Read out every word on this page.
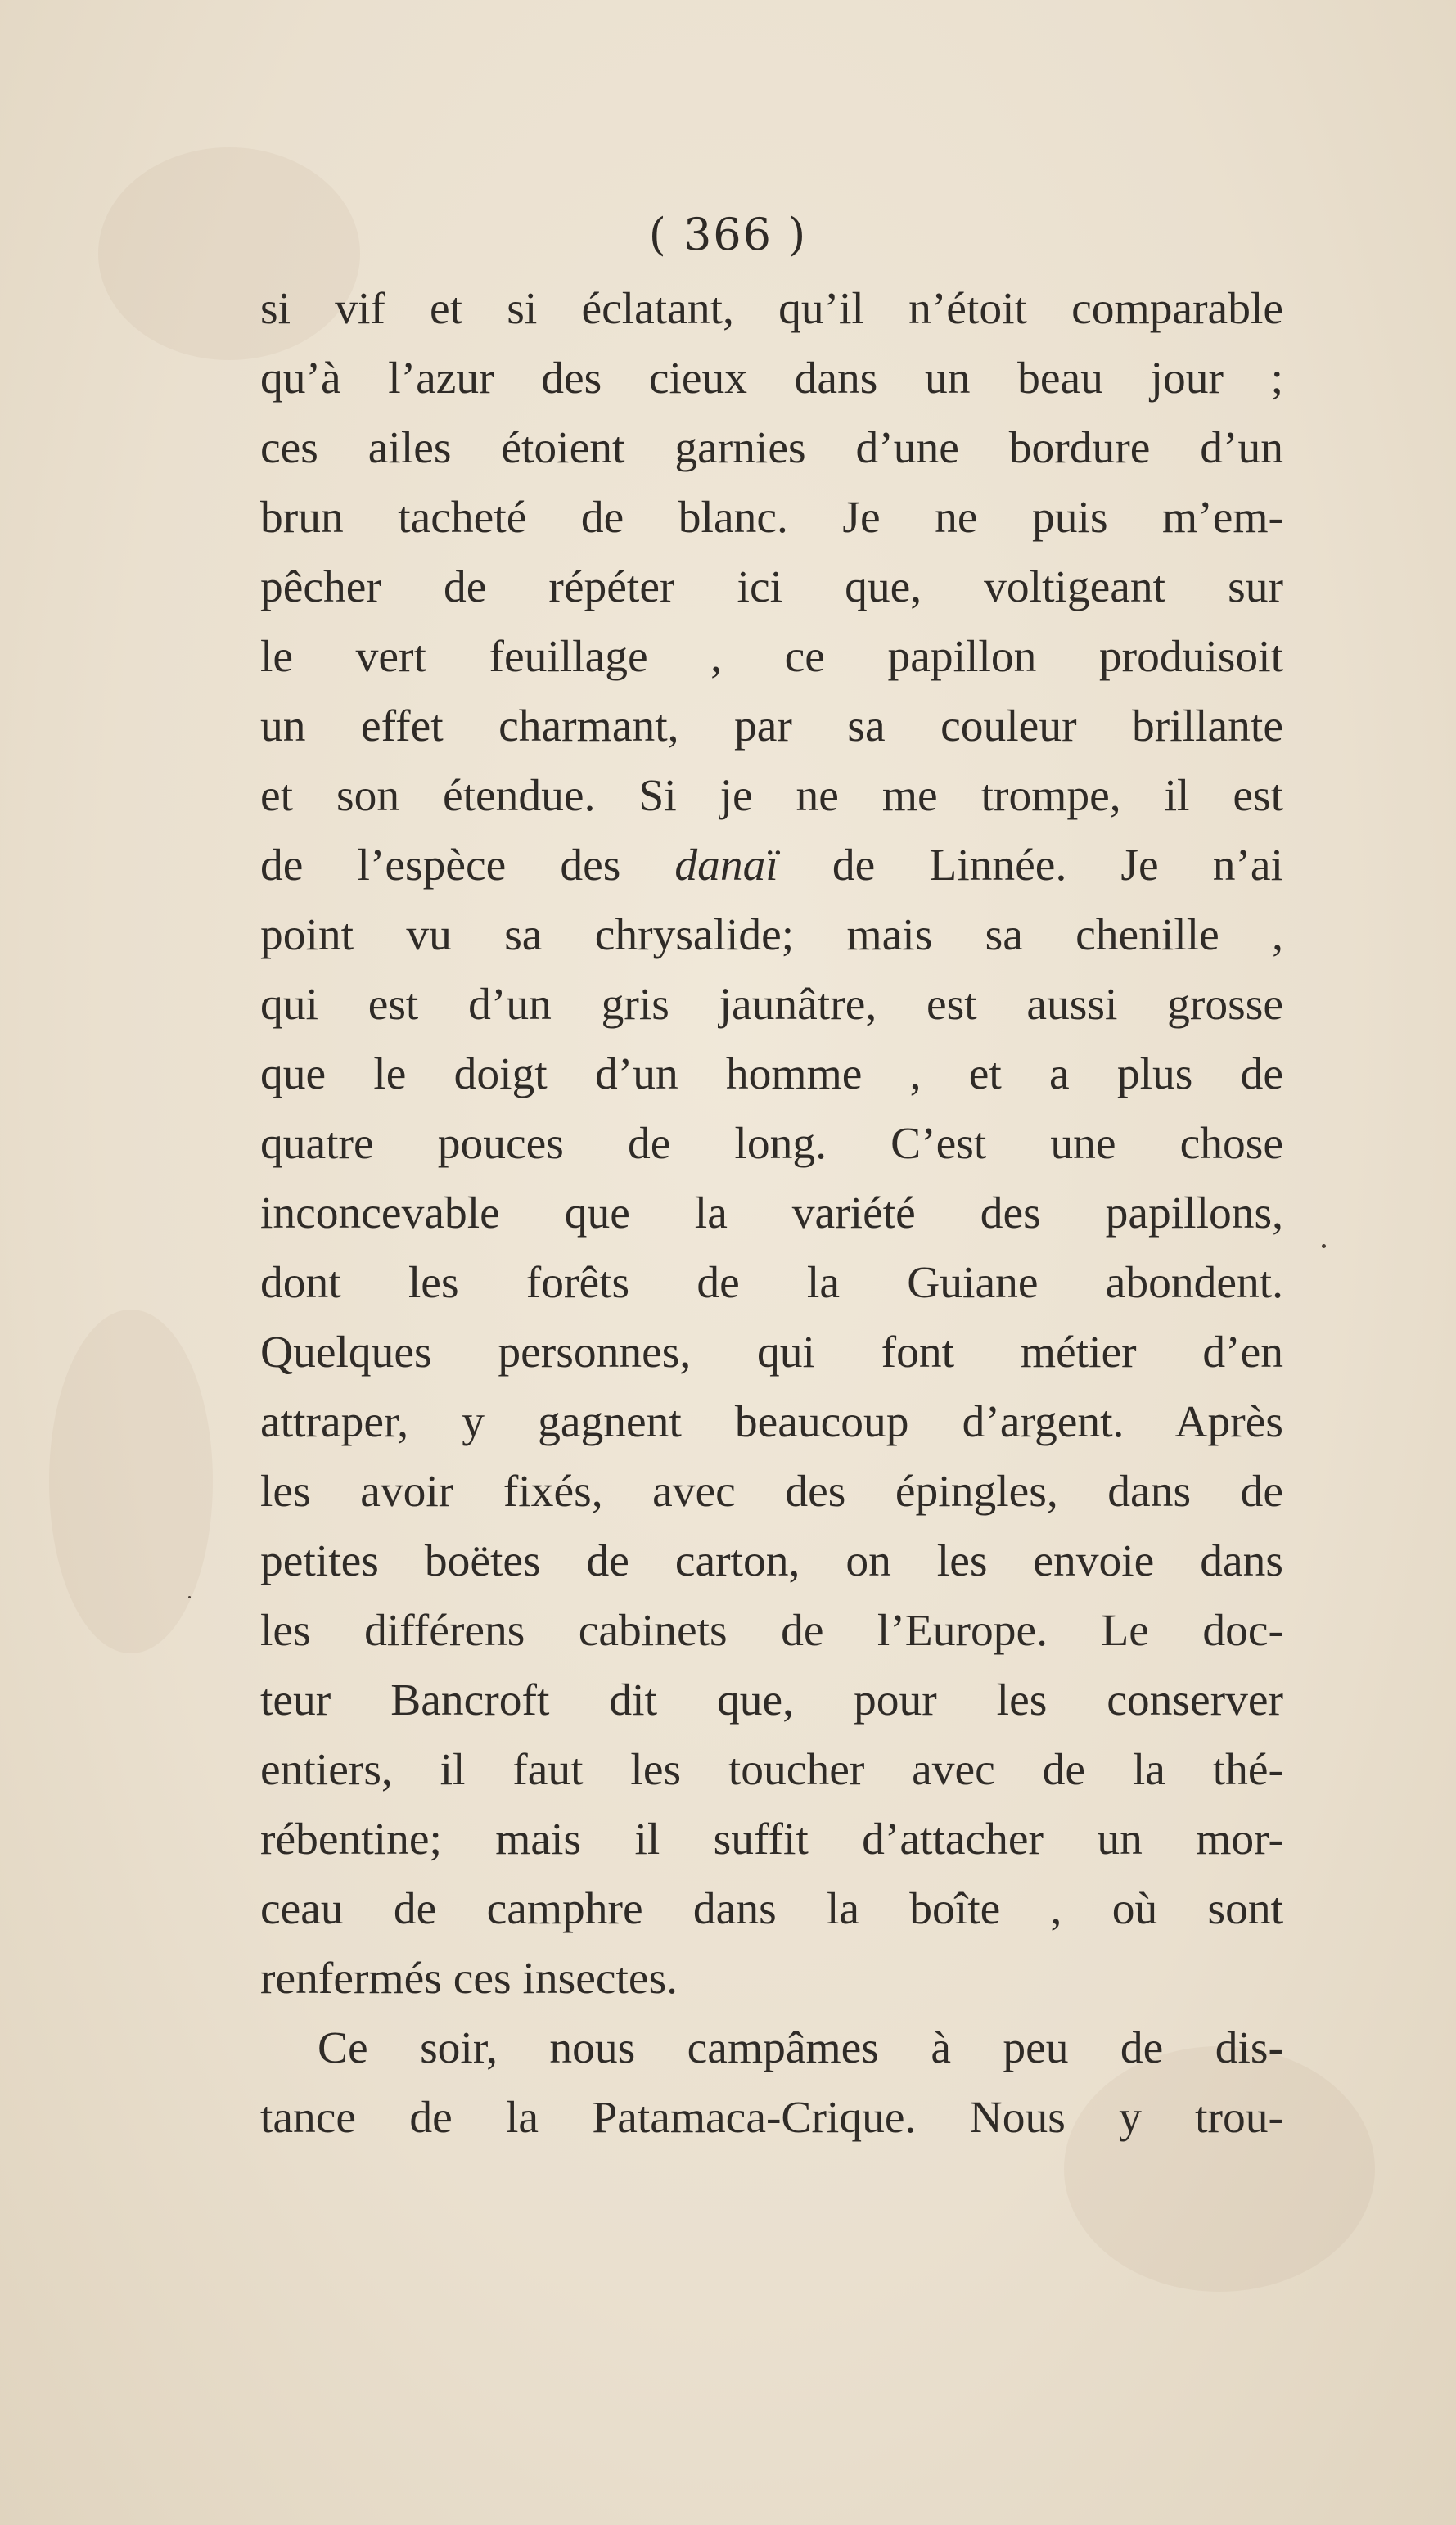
( 366 )
si vif et si éclatant, qu’il n’étoit comparable
qu’à l’azur des cieux dans un beau jour ;
ces ailes étoient garnies d’une bordure d’un
brun tacheté de blanc. Je ne puis m’em-
pêcher de répéter ici que, voltigeant sur
le vert feuillage , ce papillon produisoit
un effet charmant, par sa couleur brillante
et son étendue. Si je ne me trompe, il est
de l’espèce des danaï de Linnée. Je n’ai
point vu sa chrysalide; mais sa chenille ,
qui est d’un gris jaunâtre, est aussi grosse
que le doigt d’un homme , et a plus de
quatre pouces de long. C’est une chose
inconcevable que la variété des papillons,
dont les forêts de la Guiane abondent.
Quelques personnes, qui font métier d’en
attraper, y gagnent beaucoup d’argent. Après
les avoir fixés, avec des épingles, dans de
petites boëtes de carton, on les envoie dans
les différens cabinets de l’Europe. Le doc-
teur Bancroft dit que, pour les conserver
entiers, il faut les toucher avec de la thé-
rébentine; mais il suffit d’attacher un mor-
ceau de camphre dans la boîte , où sont
renfermés ces insectes.
Ce soir, nous campâmes à peu de dis-
tance de la Patamaca-Crique. Nous y trou-
